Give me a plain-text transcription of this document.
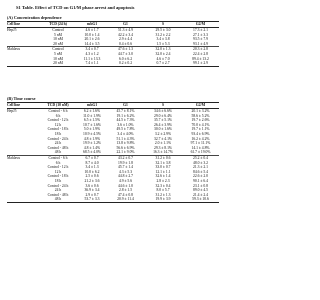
S1 Table. Effect of TCD on G1/M phase arrest and apoptosis
(A) Concentration dependence
Cell line	TCD (24 h)	subG1	G1	S	G2/M
HepJ5	Control	4.6 ± 1.7	51.3 ± 4.9	29.5 ± 3.0	17.3 ± 2.1
	5 nM	10.0 ± 1.4	42.2 ± 3.4	31.2 ± 2.2	27.1 ± 3.3
	10 nM	20.1 ± 2.6	2.9 ± 4.4	3.4 ± 3.8	93.5 ± 7.9
	20 nM	14.4 ± 3.5	0.4 ± 0.6	1.5 ± 5.3	93.1 ± 4.9
Mahlavu	Control	3.4 ± 0.7	47.6 ± 1.3	32.0 ± 1.3	20.3 ± 2.8
	5 nM	4.3 ± 1.2	44.7 ± 3.0	32.0 ± 2.4	22.4 ± 2.8
	10 nM	11.1 ± 13.3	6.0 ± 6.2	4.6 ± 7.0	89.4 ± 13.2
	20 nM	7.4 ± 1.1	0.2 ± 0.2	0.7 ± 2.7	99.1 ± 2.9
(B) Time course
Cell line	TCD (10 nM)	subG1	G1	S	G2/M
HepJ5	Control - 6 h	6.2 ± 1.6%	45.7 ± 8.1%	34.6 ± 6.6%	20.1 ± 3.2%
	6 h	11.0 ± 1.9%	19.1 ± 6.2%	29.0 ± 6.4%	58.6 ± 5.2%
	Control - 12 h	6.5 ± 1.5%	44.5 ± 7.3%	35.7 ± 5.1%	19.7 ± 2.6%
	12 h	10.7 ± 1.6%	3.6 ± 1.0%	26.4 ± 3.9%	70.0 ± 4.1%
	Control - 18 h	5.0 ± 1.9%	49.5 ± 7.8%	30.0 ± 1.6%	19.7 ± 1.1%
	18 h	10.9 ± 4.5%	3.4 ± 4.0%	3.2 ± 2.9%	93.4 ± 6.9%
	Control - 24 h	4.8 ± 1.9%	51.1 ± 4.3%	32.7 ± 4.1%	16.2 ± 4.2%
	24 h	19.9 ± 1.2%	13.8 ± 9.8%	2.0 ± 1.1%	97.1 ± 11.1%
	Control - 48 h	4.8 ± 1.4%	56.6 ± 6.9%	29.3 ± 8.1%	14.1 ± 4.8%
	48 h	68.5 ± 4.0%	22.1 ± 9.0%	16.3 ± 14.7%	61.7 ± 19.0%
Mahlavu	Control - 6 h	6.7 ± 0.7	43.2 ± 0.7	31.2 ± 0.6	25.2 ± 0.4
	6 h	8.7 ± 4.0	19.9 ± 1.8	32.1 ± 3.8	48.0 ± 3.2
	Control - 12 h	3.4 ± 1.3	45.7 ± 1.4	33.0 ± 0.7	21.3 ± 2.1
	12 h	10.0 ± 6.2	4.3 ± 5.3	12.1 ± 1.1	84.6 ± 5.4
	Control - 18 h	2.5 ± 0.6	44.8 ± 2.7	32.6 ± 1.4	22.6 ± 2.0
	18 h	21.2 ± 3.6	4.9 ± 5.6	2.8 ± 2.3	90.1 ± 6.4
	Control - 24 h	3.6 ± 0.6	44.6 ± 1.0	32.3 ± 0.4	23.1 ± 0.8
	24 h	36.9 ± 3.4	2.8 ± 1.5	8.0 ± 5.7	89.0 ± 4.5
	Control - 48 h	2.9 ± 0.7	47.4 ± 0.8	31.2 ± 1.3	21.4 ± 2.4
	48 h	53.7 ± 3.3	20.9 ± 11.4	19.9 ± 3.9	59.3 ± 10.6
